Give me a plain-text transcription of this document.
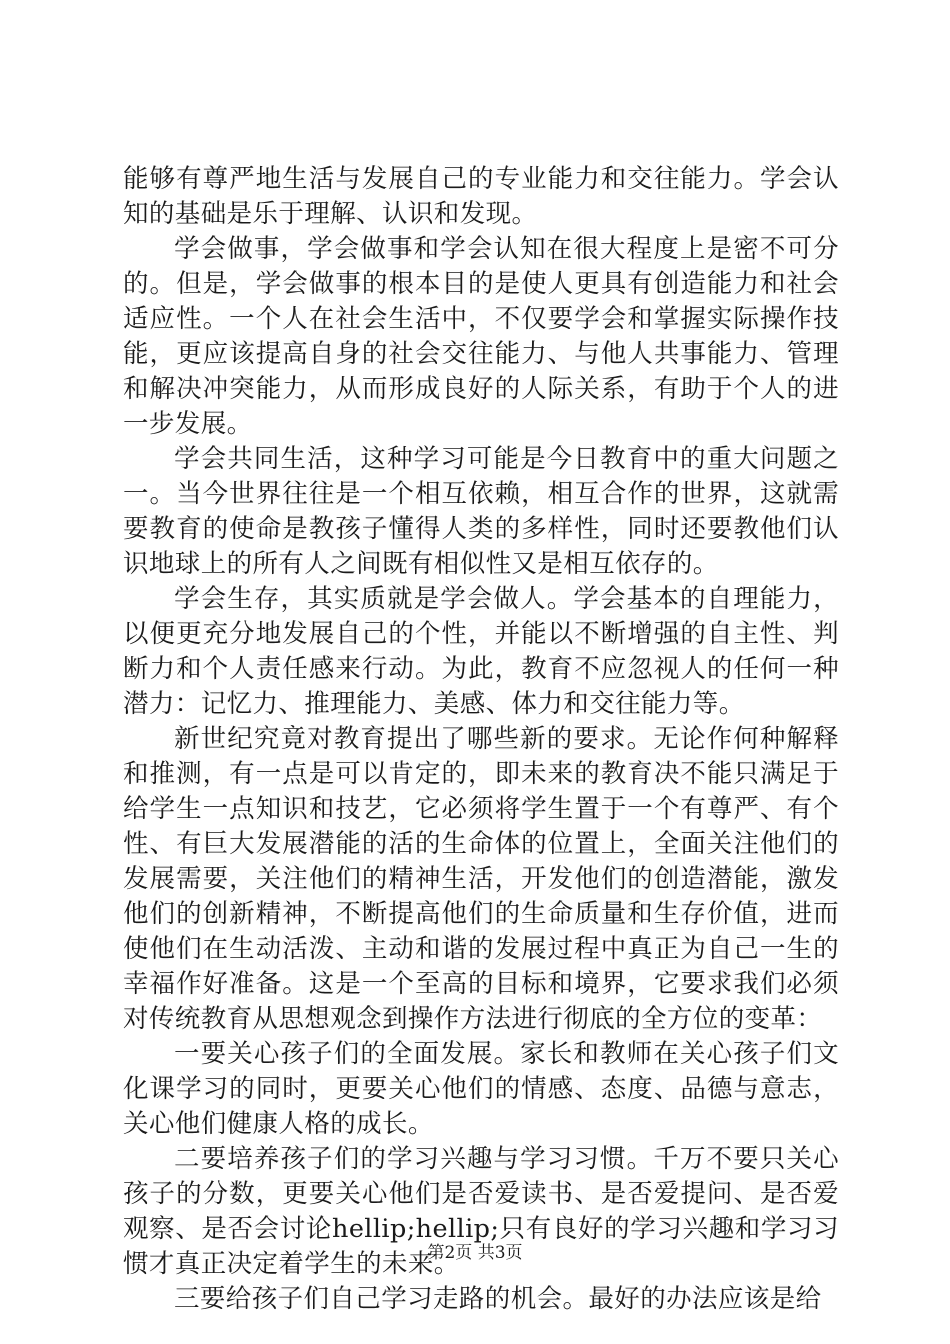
能够有尊严地生活与发展自己的专业能力和交往能力。学会认知的基础是乐于理解、认识和发现。

学会做事，学会做事和学会认知在很大程度上是密不可分的。但是，学会做事的根本目的是使人更具有创造能力和社会适应性。一个人在社会生活中，不仅要学会和掌握实际操作技能，更应该提高自身的社会交往能力、与他人共事能力、管理和解决冲突能力，从而形成良好的人际关系，有助于个人的进一步发展。

学会共同生活，这种学习可能是今日教育中的重大问题之一。当今世界往往是一个相互依赖，相互合作的世界，这就需要教育的使命是教孩子懂得人类的多样性，同时还要教他们认识地球上的所有人之间既有相似性又是相互依存的。

学会生存，其实质就是学会做人。学会基本的自理能力，以便更充分地发展自己的个性，并能以不断增强的自主性、判断力和个人责任感来行动。为此，教育不应忽视人的任何一种潜力：记忆力、推理能力、美感、体力和交往能力等。

新世纪究竟对教育提出了哪些新的要求。无论作何种解释和推测，有一点是可以肯定的，即未来的教育决不能只满足于给学生一点知识和技艺，它必须将学生置于一个有尊严、有个性、有巨大发展潜能的活的生命体的位置上，全面关注他们的发展需要，关注他们的精神生活，开发他们的创造潜能，激发他们的创新精神，不断提高他们的生命质量和生存价值，进而使他们在生动活泼、主动和谐的发展过程中真正为自己一生的幸福作好准备。这是一个至高的目标和境界，它要求我们必须对传统教育从思想观念到操作方法进行彻底的全方位的变革：

一要关心孩子们的全面发展。家长和教师在关心孩子们文化课学习的同时，更要关心他们的情感、态度、品德与意志，关心他们健康人格的成长。

二要培养孩子们的学习兴趣与学习习惯。千万不要只关心孩子的分数，更要关心他们是否爱读书、是否爱提问、是否爱观察、是否会讨论hellip;hellip;只有良好的学习兴趣和学习习惯才真正决定着学生的未来。

三要给孩子们自己学习走路的机会。最好的办法应该是给

第2页 共3页
